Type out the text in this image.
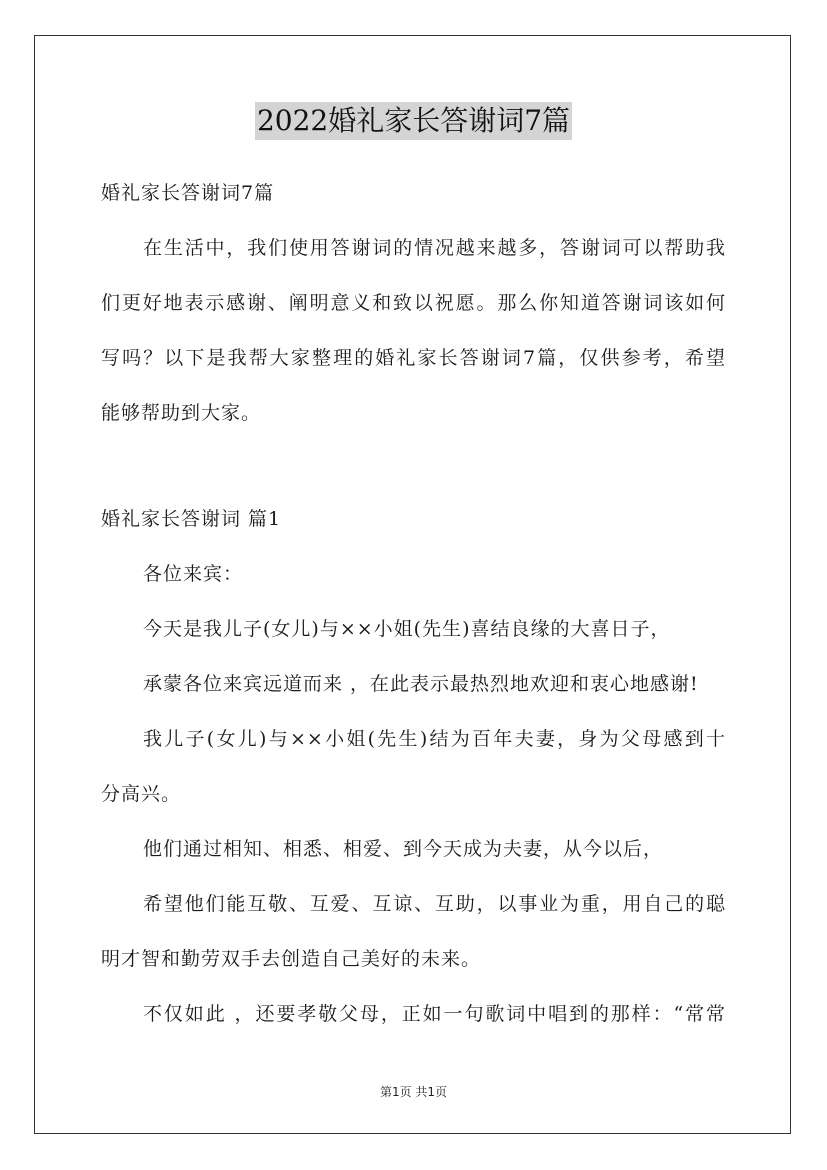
2022婚礼家长答谢词7篇
婚礼家长答谢词7篇
在生活中，我们使用答谢词的情况越来越多，答谢词可以帮助我
们更好地表示感谢、阐明意义和致以祝愿。那么你知道答谢词该如何
写吗？以下是我帮大家整理的婚礼家长答谢词7篇，仅供参考，希望
能够帮助到大家。
婚礼家长答谢词 篇1
各位来宾：
今天是我儿子(女儿)与××小姐(先生)喜结良缘的大喜日子，
承蒙各位来宾远道而来 ，在此表示最热烈地欢迎和衷心地感谢!
我儿子(女儿)与××小姐(先生)结为百年夫妻，身为父母感到十
分高兴。
他们通过相知、相悉、相爱、到今天成为夫妻，从今以后，
希望他们能互敬、互爱、互谅、互助，以事业为重，用自己的聪
明才智和勤劳双手去创造自己美好的未来。
不仅如此 ，还要孝敬父母，正如一句歌词中唱到的那样：“常常
第1页 共1页
